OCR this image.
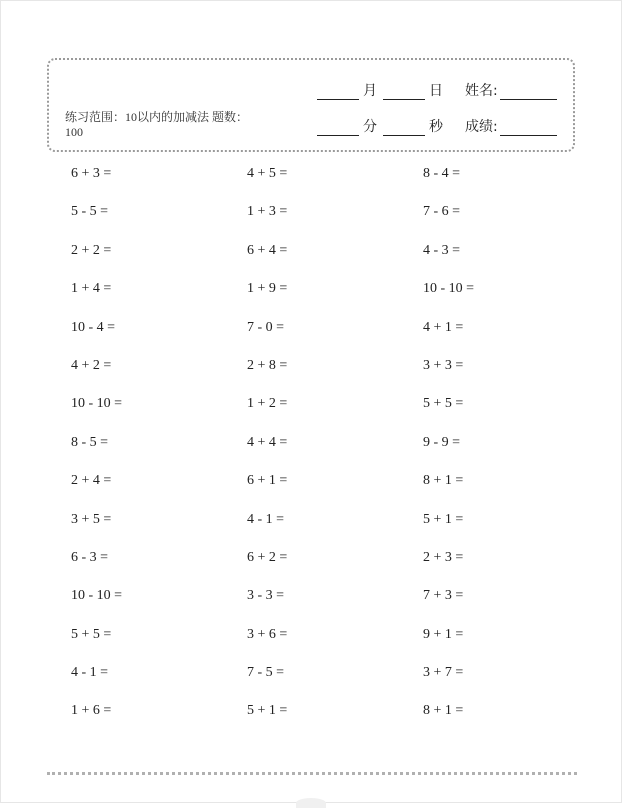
练习范围：10以内的加减法 题数：100
月	日 姓名:
分	秒 成绩:
6 + 3 =	4 + 5 =	8 - 4 =
5 - 5 =	1 + 3 =	7 - 6 =
2 + 2 =	6 + 4 =	4 - 3 =
1 + 4 =	1 + 9 =	10 - 10 =
10 - 4 =	7 - 0 =	4 + 1 =
4 + 2 =	2 + 8 =	3 + 3 =
10 - 10 =	1 + 2 =	5 + 5 =
8 - 5 =	4 + 4 =	9 - 9 =
2 + 4 =	6 + 1 =	8 + 1 =
3 + 5 =	4 - 1 =	5 + 1 =
6 - 3 =	6 + 2 =	2 + 3 =
10 - 10 =	3 - 3 =	7 + 3 =
5 + 5 =	3 + 6 =	9 + 1 =
4 - 1 =	7 - 5 =	3 + 7 =
1 + 6 =	5 + 1 =	8 + 1 =
